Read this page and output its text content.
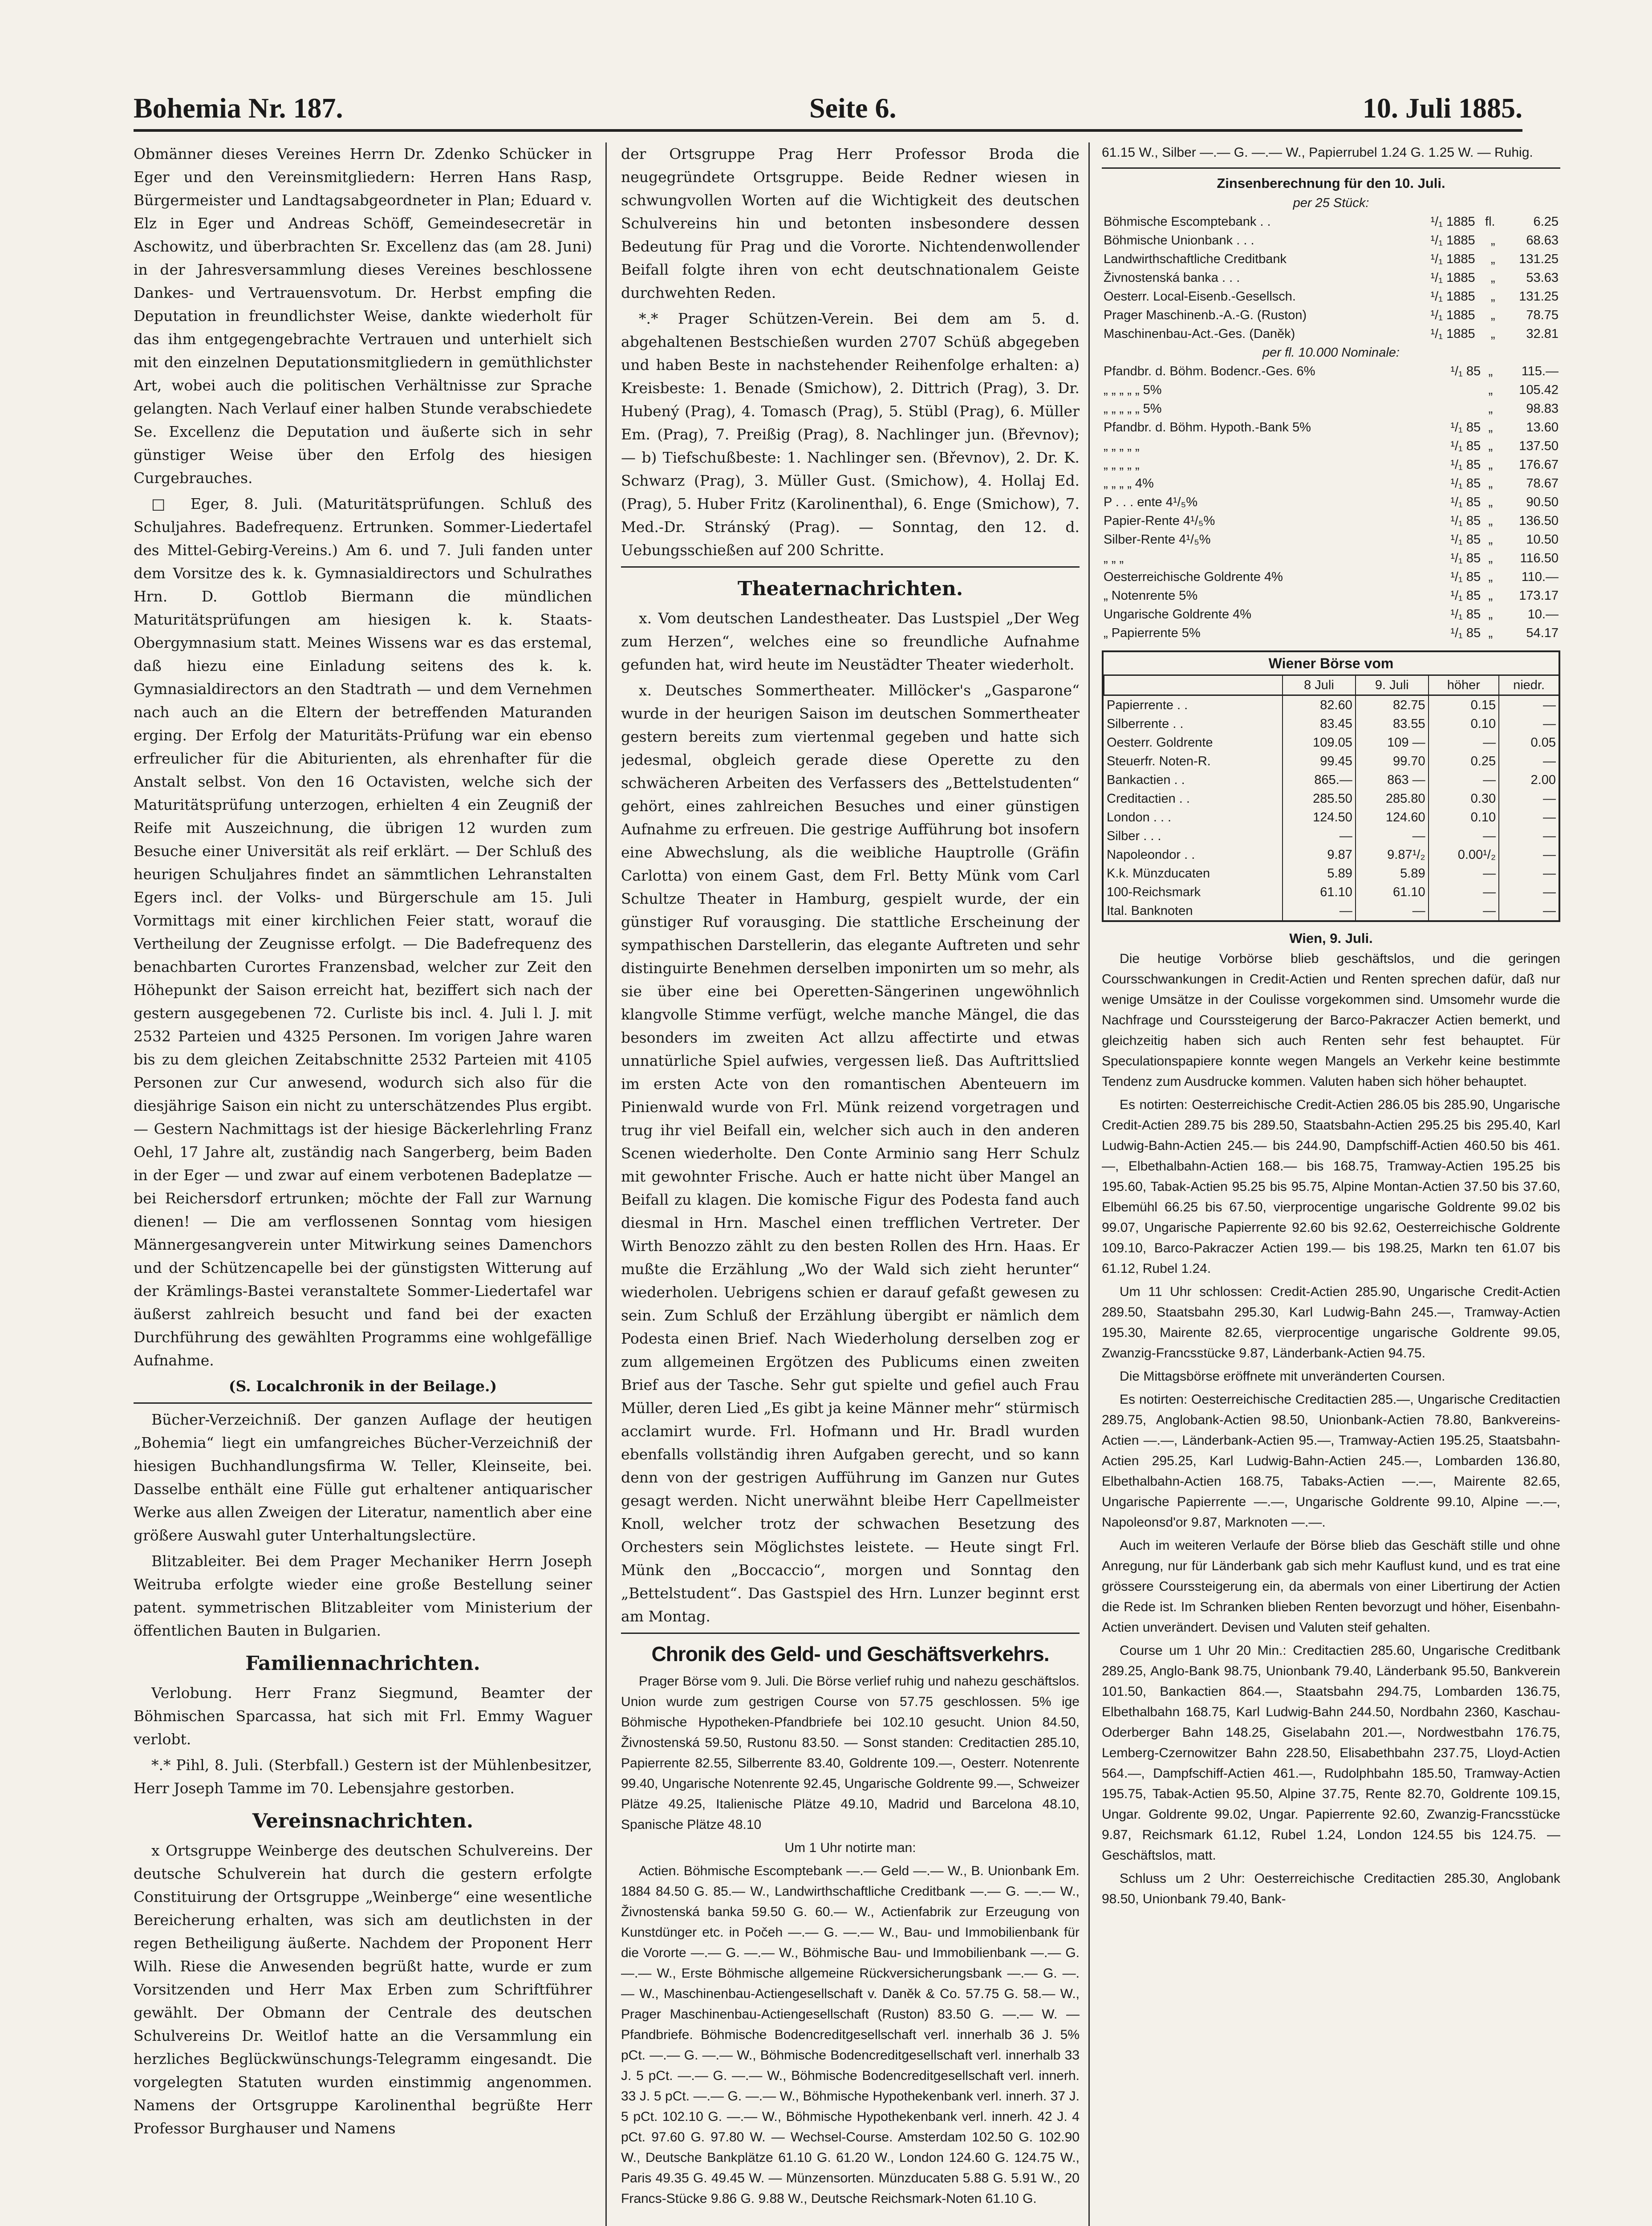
Bohemia Nr. 187.	Seite 6.	10. Juli 1885.

Obmänner dieses Vereines Herrn Dr. Zdenko Schücker in Eger und den Vereinsmitgliedern: Herren Hans Rasp, Bürgermeister und Landtagsabgeordneter in Plan; Eduard v. Elz in Eger und Andreas Schöff, Gemeindesecretär in Aschowitz, und überbrachten Sr. Excellenz das (am 28. Juni) in der Jahresversammlung dieses Vereines beschlossene Dankes- und Vertrauensvotum. Dr. Herbst empfing die Deputation in freundlichster Weise, dankte wiederholt für das ihm entgegengebrachte Vertrauen und unterhielt sich mit den einzelnen Deputationsmitgliedern in gemüthlichster Art, wobei auch die politischen Verhältnisse zur Sprache gelangten. Nach Verlauf einer halben Stunde verabschiedete Se. Excellenz die Deputation und äußerte sich in sehr günstiger Weise über den Erfolg des hiesigen Curgebrauches.

□ Eger, 8. Juli. (Maturitätsprüfungen. Schluß des Schuljahres. Badefrequenz. Ertrunken. Sommer-Liedertafel des Mittel-Gebirg-Vereins.) Am 6. und 7. Juli fanden unter dem Vorsitze des k. k. Gymnasialdirectors und Schulrathes Hrn. D. Gottlob Biermann die mündlichen Maturitätsprüfungen am hiesigen k. k. Staats-Obergymnasium statt. Meines Wissens war es das erstemal, daß hiezu eine Einladung seitens des k. k. Gymnasialdirectors an den Stadtrath — und dem Vernehmen nach auch an die Eltern der betreffenden Maturanden erging. Der Erfolg der Maturitäts-Prüfung war ein ebenso erfreulicher für die Abiturienten, als ehrenhafter für die Anstalt selbst. Von den 16 Octavisten, welche sich der Maturitätsprüfung unterzogen, erhielten 4 ein Zeugniß der Reife mit Auszeichnung, die übrigen 12 wurden zum Besuche einer Universität als reif erklärt. — Der Schluß des heurigen Schuljahres findet an sämmtlichen Lehranstalten Egers incl. der Volks- und Bürgerschule am 15. Juli Vormittags mit einer kirchlichen Feier statt, worauf die Vertheilung der Zeugnisse erfolgt. — Die Badefrequenz des benachbarten Curortes Franzensbad, welcher zur Zeit den Höhepunkt der Saison erreicht hat, beziffert sich nach der gestern ausgegebenen 72. Curliste bis incl. 4. Juli l. J. mit 2532 Parteien und 4325 Personen. Im vorigen Jahre waren bis zu dem gleichen Zeitabschnitte 2532 Parteien mit 4105 Personen zur Cur anwesend, wodurch sich also für die diesjährige Saison ein nicht zu unterschätzendes Plus ergibt. — Gestern Nachmittags ist der hiesige Bäckerlehrling Franz Oehl, 17 Jahre alt, zuständig nach Sangerberg, beim Baden in der Eger — und zwar auf einem verbotenen Badeplatze — bei Reichersdorf ertrunken; möchte der Fall zur Warnung dienen! — Die am verflossenen Sonntag vom hiesigen Männergesangverein unter Mitwirkung seines Damenchors und der Schützencapelle bei der günstigsten Witterung auf der Krämlings-Bastei veranstaltete Sommer-Liedertafel war äußerst zahlreich besucht und fand bei der exacten Durchführung des gewählten Programms eine wohlgefällige Aufnahme.

(S. Localchronik in der Beilage.)

Bücher-Verzeichniß. Der ganzen Auflage der heutigen „Bohemia“ liegt ein umfangreiches Bücher-Verzeichniß der hiesigen Buchhandlungsfirma W. Teller, Kleinseite, bei. Dasselbe enthält eine Fülle gut erhaltener antiquarischer Werke aus allen Zweigen der Literatur, namentlich aber eine größere Auswahl guter Unterhaltungslectüre.

Blitzableiter. Bei dem Prager Mechaniker Herrn Joseph Weitruba erfolgte wieder eine große Bestellung seiner patent. symmetrischen Blitzableiter vom Ministerium der öffentlichen Bauten in Bulgarien.

Familiennachrichten.

Verlobung. Herr Franz Siegmund, Beamter der Böhmischen Sparcassa, hat sich mit Frl. Emmy Waguer verlobt.

*.* Pihl, 8. Juli. (Sterbfall.) Gestern ist der Mühlenbesitzer, Herr Joseph Tamme im 70. Lebensjahre gestorben.

Vereinsnachrichten.

x Ortsgruppe Weinberge des deutschen Schulvereins. Der deutsche Schulverein hat durch die gestern erfolgte Constituirung der Ortsgruppe „Weinberge“ eine wesentliche Bereicherung erhalten, was sich am deutlichsten in der regen Betheiligung äußerte. Nachdem der Proponent Herr Wilh. Riese die Anwesenden begrüßt hatte, wurde er zum Vorsitzenden und Herr Max Erben zum Schriftführer gewählt. Der Obmann der Centrale des deutschen Schulvereins Dr. Weitlof hatte an die Versammlung ein herzliches Beglückwünschungs-Telegramm eingesandt. Die vorgelegten Statuten wurden einstimmig angenommen. Namens der Ortsgruppe Karolinenthal begrüßte Herr Professor Burghauser und Namens

der Ortsgruppe Prag Herr Professor Broda die neugegründete Ortsgruppe. Beide Redner wiesen in schwungvollen Worten auf die Wichtigkeit des deutschen Schulvereins hin und betonten insbesondere dessen Bedeutung für Prag und die Vororte. Nichtendenwollender Beifall folgte ihren von echt deutschnationalem Geiste durchwehten Reden.

*.* Prager Schützen-Verein. Bei dem am 5. d. abgehaltenen Bestschießen wurden 2707 Schüß abgegeben und haben Beste in nachstehender Reihenfolge erhalten: a) Kreisbeste: 1. Benade (Smichow), 2. Dittrich (Prag), 3. Dr. Hubený (Prag), 4. Tomasch (Prag), 5. Stübl (Prag), 6. Müller Em. (Prag), 7. Preißig (Prag), 8. Nachlinger jun. (Břevnov); — b) Tiefschußbeste: 1. Nachlinger sen. (Břevnov), 2. Dr. K. Schwarz (Prag), 3. Müller Gust. (Smichow), 4. Hollaj Ed. (Prag), 5. Huber Fritz (Karolinenthal), 6. Enge (Smichow), 7. Med.-Dr. Stránský (Prag). — Sonntag, den 12. d. Uebungsschießen auf 200 Schritte.

Theaternachrichten.

x. Vom deutschen Landestheater. Das Lustspiel „Der Weg zum Herzen“, welches eine so freundliche Aufnahme gefunden hat, wird heute im Neustädter Theater wiederholt.

x. Deutsches Sommertheater. Millöcker's „Gasparone“ wurde in der heurigen Saison im deutschen Sommertheater gestern bereits zum viertenmal gegeben und hatte sich jedesmal, obgleich gerade diese Operette zu den schwächeren Arbeiten des Verfassers des „Bettelstudenten“ gehört, eines zahlreichen Besuches und einer günstigen Aufnahme zu erfreuen. Die gestrige Aufführung bot insofern eine Abwechslung, als die weibliche Hauptrolle (Gräfin Carlotta) von einem Gast, dem Frl. Betty Münk vom Carl Schultze Theater in Hamburg, gespielt wurde, der ein günstiger Ruf vorausging. Die stattliche Erscheinung der sympathischen Darstellerin, das elegante Auftreten und sehr distinguirte Benehmen derselben imponirten um so mehr, als sie über eine bei Operetten-Sängerinen ungewöhnlich klangvolle Stimme verfügt, welche manche Mängel, die das besonders im zweiten Act allzu affectirte und etwas unnatürliche Spiel aufwies, vergessen ließ. Das Auftrittslied im ersten Acte von den romantischen Abenteuern im Pinienwald wurde von Frl. Münk reizend vorgetragen und trug ihr viel Beifall ein, welcher sich auch in den anderen Scenen wiederholte. Den Conte Arminio sang Herr Schulz mit gewohnter Frische. Auch er hatte nicht über Mangel an Beifall zu klagen. Die komische Figur des Podesta fand auch diesmal in Hrn. Maschel einen trefflichen Vertreter. Der Wirth Benozzo zählt zu den besten Rollen des Hrn. Haas. Er mußte die Erzählung „Wo der Wald sich zieht herunter“ wiederholen. Uebrigens schien er darauf gefaßt gewesen zu sein. Zum Schluß der Erzählung übergibt er nämlich dem Podesta einen Brief. Nach Wiederholung derselben zog er zum allgemeinen Ergötzen des Publicums einen zweiten Brief aus der Tasche. Sehr gut spielte und gefiel auch Frau Müller, deren Lied „Es gibt ja keine Männer mehr“ stürmisch acclamirt wurde. Frl. Hofmann und Hr. Bradl wurden ebenfalls vollständig ihren Aufgaben gerecht, und so kann denn von der gestrigen Aufführung im Ganzen nur Gutes gesagt werden. Nicht unerwähnt bleibe Herr Capellmeister Knoll, welcher trotz der schwachen Besetzung des Orchesters sein Möglichstes leistete. — Heute singt Frl. Münk den „Boccaccio“, morgen und Sonntag den „Bettelstudent“. Das Gastspiel des Hrn. Lunzer beginnt erst am Montag.

Chronik des Geld- und Geschäftsverkehrs.

Prager Börse vom 9. Juli. Die Börse verlief ruhig und nahezu geschäftslos. Union wurde zum gestrigen Course von 57.75 geschlossen. 5% ige Böhmische Hypotheken-Pfandbriefe bei 102.10 gesucht. Union 84.50, Živnostenská 59.50, Rustonu 83.50. — Sonst standen: Creditactien 285.10, Papierrente 82.55, Silberrente 83.40, Goldrente 109.—, Oesterr. Notenrente 99.40, Ungarische Notenrente 92.45, Ungarische Goldrente 99.—, Schweizer Plätze 49.25, Italienische Plätze 49.10, Madrid und Barcelona 48.10, Spanische Plätze 48.10

Um 1 Uhr notirte man:

Actien. Böhmische Escomptebank —.— Geld —.— W., B. Unionbank Em. 1884 84.50 G. 85.— W., Landwirthschaftliche Creditbank —.— G. —.— W., Živnostenská banka 59.50 G. 60.— W., Actienfabrik zur Erzeugung von Kunstdünger etc. in Počeh —.— G. —.— W., Bau- und Immobilienbank für die Vororte —.— G. —.— W., Böhmische Bau- und Immobilienbank —.— G. —.— W., Erste Böhmische allgemeine Rückversicherungsbank —.— G. —.— W., Maschinenbau-Actiengesellschaft v. Daněk & Co. 57.75 G. 58.— W., Prager Maschinenbau-Actiengesellschaft (Ruston) 83.50 G. —.— W. — Pfandbriefe. Böhmische Bodencreditgesellschaft verl. innerhalb 36 J. 5% pCt. —.— G. —.— W., Böhmische Bodencreditgesellschaft verl. innerhalb 33 J. 5 pCt. —.— G. —.— W., Böhmische Bodencreditgesellschaft verl. innerh. 33 J. 5 pCt. —.— G. —.— W., Böhmische Hypothekenbank verl. innerh. 37 J. 5 pCt. 102.10 G. —.— W., Böhmische Hypothekenbank verl. innerh. 42 J. 4 pCt. 97.60 G. 97.80 W. — Wechsel-Course. Amsterdam 102.50 G. 102.90 W., Deutsche Bankplätze 61.10 G. 61.20 W., London 124.60 G. 124.75 W., Paris 49.35 G. 49.45 W. — Münzensorten. Münzducaten 5.88 G. 5.91 W., 20 Francs-Stücke 9.86 G. 9.88 W., Deutsche Reichsmark-Noten 61.10 G.

61.15 W., Silber —.— G. —.— W., Papierrubel 1.24 G. 1.25 W. — Ruhig.

Zinsenberechnung für den 10. Juli.
per 25 Stück:
Böhmische Escomptebank . .	¹/₁ 1885	fl.	6.25
Böhmische Unionbank . . .	¹/₁ 1885	„	68.63
Landwirthschaftliche Creditbank	¹/₁ 1885	„	131.25
Živnostenská banka . . .	¹/₁ 1885	„	53.63
Oesterr. Local-Eisenb.-Gesellsch.	¹/₁ 1885	„	131.25
Prager Maschinenb.-A.-G. (Ruston)	¹/₁ 1885	„	78.75
Maschinenbau-Act.-Ges. (Daněk)	¹/₁ 1885	„	32.81
per fl. 10.000 Nominale:
Pfandbr. d. Böhm. Bodencr.-Ges. 6%	¹/₁ 85	„	115.—
„ „ „ „ „ 5%		„	105.42
„ „ „ „ „ 5%		„	98.83
Pfandbr. d. Böhm. Hypoth.-Bank 5%	¹/₁ 85	„	13.60
„ „ „ „ „	¹/₁ 85	„	137.50
„ „ „ „ „	¹/₁ 85	„	176.67
„ „ „ „ 4%	¹/₁ 85	„	78.67
P . . . ente 4¹/₅%	¹/₁ 85	„	90.50
Papier-Rente 4¹/₅%	¹/₁ 85	„	136.50
Silber-Rente 4¹/₅%	¹/₁ 85	„	10.50
„ „ „	¹/₁ 85	„	116.50
Oesterreichische Goldrente 4%	¹/₁ 85	„	110.—
„ Notenrente 5%	¹/₁ 85	„	173.17
Ungarische Goldrente 4%	¹/₁ 85	„	10.—
„ Papierrente 5%	¹/₁ 85	„	54.17
Wiener Börse vom
	8 Juli	9. Juli	höher	niedr.
Papierrente . .	82.60	82.75	0.15	—
Silberrente . .	83.45	83.55	0.10	—
Oesterr. Goldrente	109.05	109 —	—	0.05
Steuerfr. Noten-R.	99.45	99.70	0.25	—
Bankactien . .	865.—	863 —	—	2.00
Creditactien . .	285.50	285.80	0.30	—
London . . .	124.50	124.60	0.10	—
Silber . . .	—	—	—	—
Napoleondor . .	9.87	9.87¹/₂	0.00¹/₂	—
K.k. Münzducaten	5.89	5.89	—	—
100-Reichsmark	61.10	61.10	—	—
Ital. Banknoten	—	—	—	—
Wien, 9. Juli.

Die heutige Vorbörse blieb geschäftslos, und die geringen Coursschwankungen in Credit-Actien und Renten sprechen dafür, daß nur wenige Umsätze in der Coulisse vorgekommen sind. Umsomehr wurde die Nachfrage und Courssteigerung der Barco-Pakraczer Actien bemerkt, und gleichzeitig haben sich auch Renten sehr fest behauptet. Für Speculationspapiere konnte wegen Mangels an Verkehr keine bestimmte Tendenz zum Ausdrucke kommen. Valuten haben sich höher behauptet.

Es notirten: Oesterreichische Credit-Actien 286.05 bis 285.90, Ungarische Credit-Actien 289.75 bis 289.50, Staatsbahn-Actien 295.25 bis 295.40, Karl Ludwig-Bahn-Actien 245.— bis 244.90, Dampfschiff-Actien 460.50 bis 461.—, Elbethalbahn-Actien 168.— bis 168.75, Tramway-Actien 195.25 bis 195.60, Tabak-Actien 95.25 bis 95.75, Alpine Montan-Actien 37.50 bis 37.60, Elbemühl 66.25 bis 67.50, vierprocentige ungarische Goldrente 99.02 bis 99.07, Ungarische Papierrente 92.60 bis 92.62, Oesterreichische Goldrente 109.10, Barco-Pakraczer Actien 199.— bis 198.25, Markn ten 61.07 bis 61.12, Rubel 1.24.

Um 11 Uhr schlossen: Credit-Actien 285.90, Ungarische Credit-Actien 289.50, Staatsbahn 295.30, Karl Ludwig-Bahn 245.—, Tramway-Actien 195.30, Mairente 82.65, vierprocentige ungarische Goldrente 99.05, Zwanzig-Francsstücke 9.87, Länderbank-Actien 94.75.

Die Mittagsbörse eröffnete mit unveränderten Coursen.

Es notirten: Oesterreichische Creditactien 285.—, Ungarische Creditactien 289.75, Anglobank-Actien 98.50, Unionbank-Actien 78.80, Bankvereins-Actien —.—, Länderbank-Actien 95.—, Tramway-Actien 195.25, Staatsbahn-Actien 295.25, Karl Ludwig-Bahn-Actien 245.—, Lombarden 136.80, Elbethalbahn-Actien 168.75, Tabaks-Actien —.—, Mairente 82.65, Ungarische Papierrente —.—, Ungarische Goldrente 99.10, Alpine —.—, Napoleonsd'or 9.87, Marknoten —.—.

Auch im weiteren Verlaufe der Börse blieb das Geschäft stille und ohne Anregung, nur für Länderbank gab sich mehr Kauflust kund, und es trat eine grössere Courssteigerung ein, da abermals von einer Libertirung der Actien die Rede ist. Im Schranken blieben Renten bevorzugt und höher, Eisenbahn-Actien unverändert. Devisen und Valuten steif gehalten.

Course um 1 Uhr 20 Min.: Creditactien 285.60, Ungarische Creditbank 289.25, Anglo-Bank 98.75, Unionbank 79.40, Länderbank 95.50, Bankverein 101.50, Bankactien 864.—, Staatsbahn 294.75, Lombarden 136.75, Elbethalbahn 168.75, Karl Ludwig-Bahn 244.50, Nordbahn 2360, Kaschau-Oderberger Bahn 148.25, Giselabahn 201.—, Nordwestbahn 176.75, Lemberg-Czernowitzer Bahn 228.50, Elisabethbahn 237.75, Lloyd-Actien 564.—, Dampfschiff-Actien 461.—, Rudolphbahn 185.50, Tramway-Actien 195.75, Tabak-Actien 95.50, Alpine 37.75, Rente 82.70, Goldrente 109.15, Ungar. Goldrente 99.02, Ungar. Papierrente 92.60, Zwanzig-Francsstücke 9.87, Reichsmark 61.12, Rubel 1.24, London 124.55 bis 124.75. — Geschäftslos, matt.

Schluss um 2 Uhr: Oesterreichische Creditactien 285.30, Anglobank 98.50, Unionbank 79.40, Bank-
